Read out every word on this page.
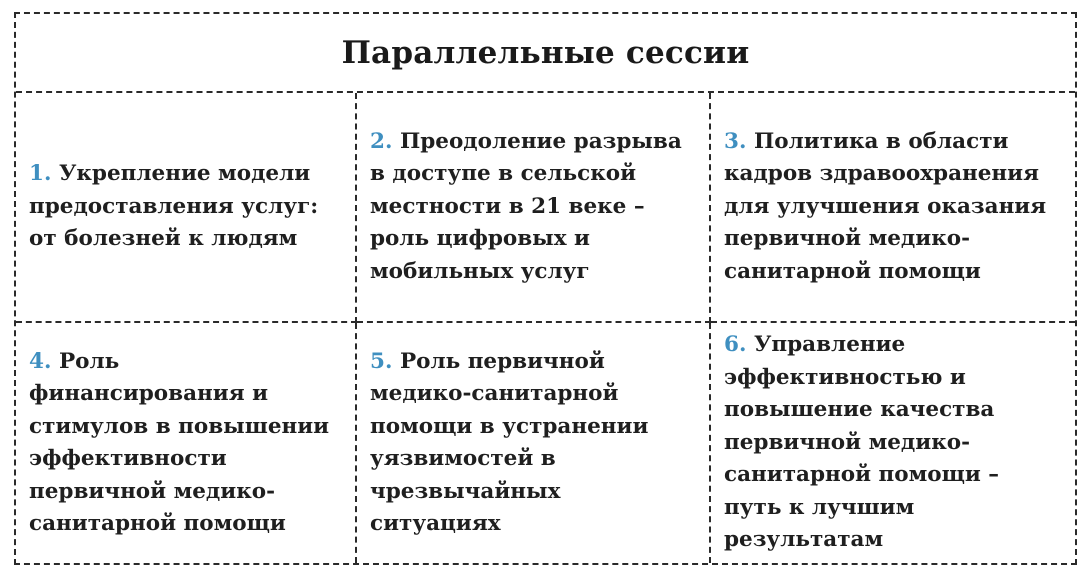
Параллельные сессии
1. Укрепление модели предоставления услуг: от болезней к людям
2. Преодоление разрыва в доступе в сельской местности в 21 веке – роль цифровых и мобильных услуг
3. Политика в области кадров здравоохранения для улучшения оказания первичной медико-санитарной помощи
4. Роль финансирования и стимулов в повышении эффективности первичной медико-санитарной помощи
5. Роль первичной медико-санитарной помощи в устранении уязвимостей в чрезвычайных ситуациях
6. Управление эффективностью и повышение качества первичной медико-санитарной помощи – путь к лучшим результатам
